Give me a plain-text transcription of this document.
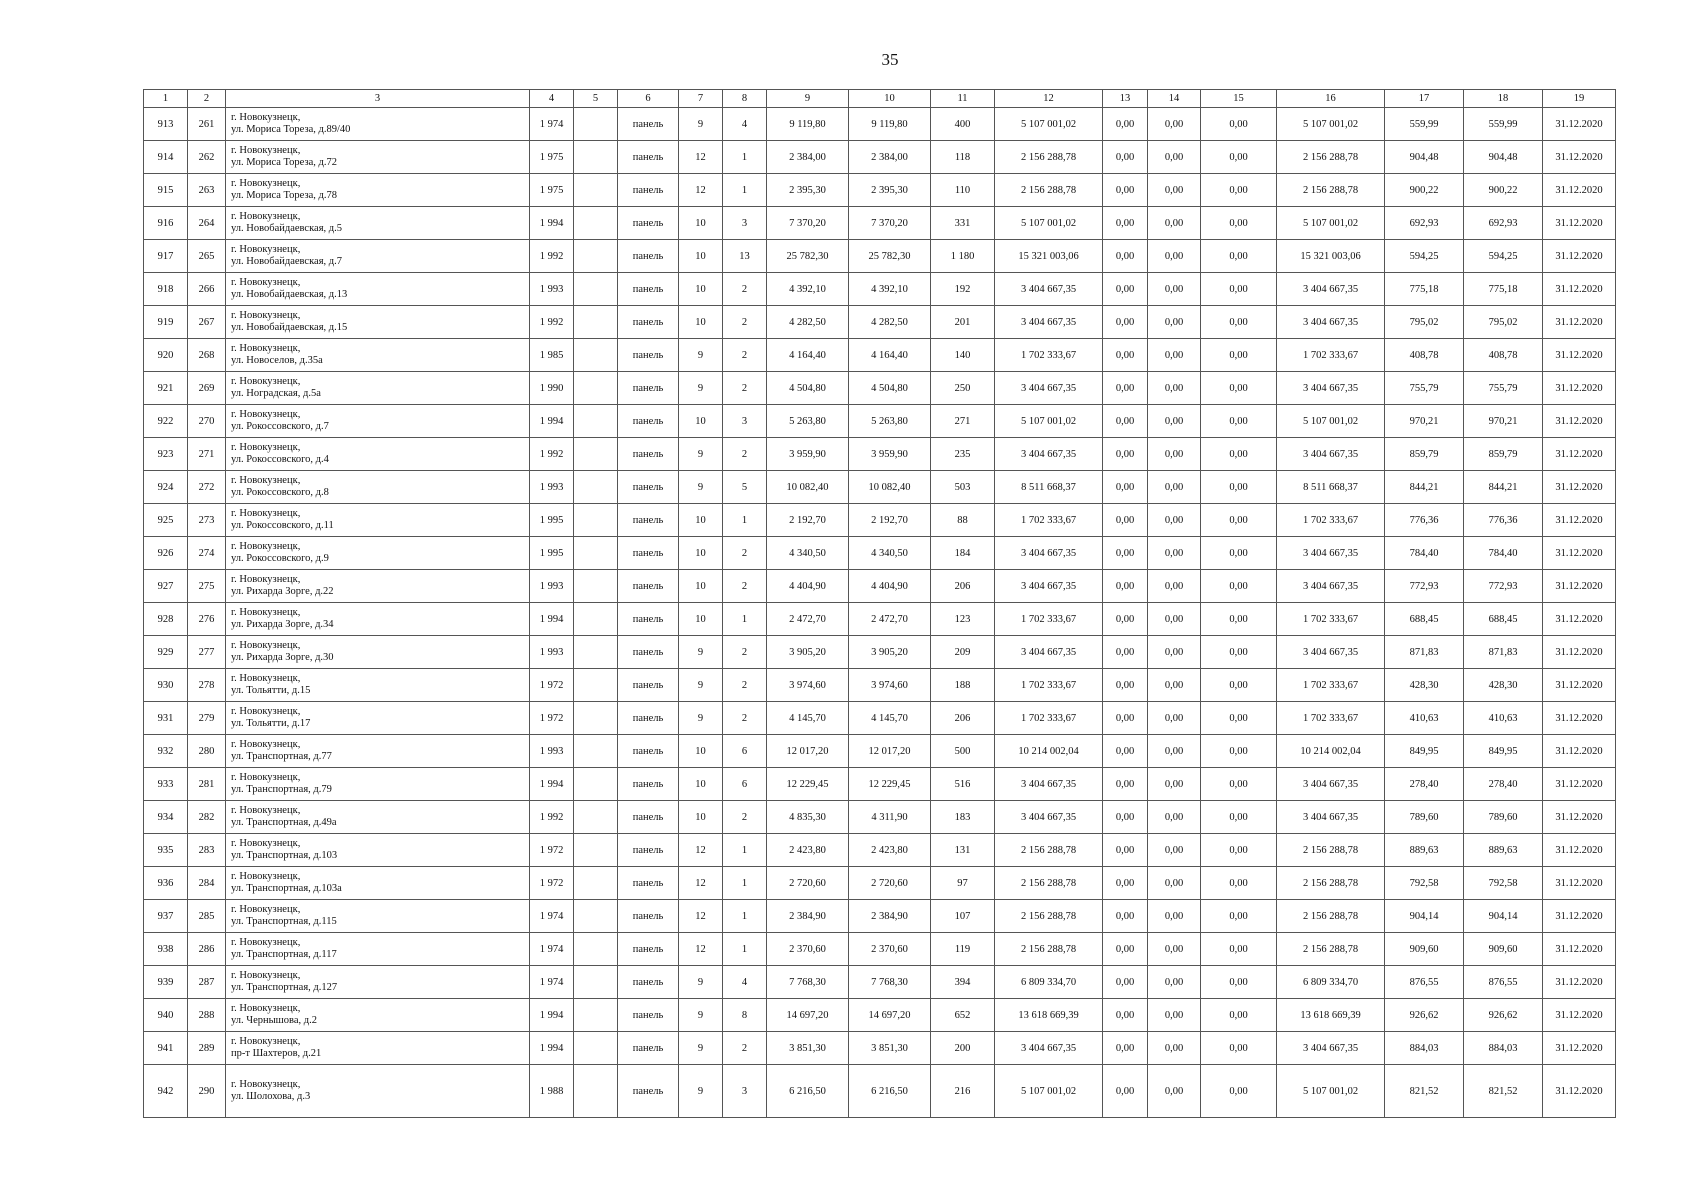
35
1	2	3	4	5	6	7	8	9	10	11	12	13	14	15	16	17	18	19
913	261	г. Новокузнецк,
ул. Мориса Тореза, д.89/40	1 974		панель	9	4	9 119,80	9 119,80	400	5 107 001,02	0,00	0,00	0,00	5 107 001,02	559,99	559,99	31.12.2020
914	262	г. Новокузнецк,
ул. Мориса Тореза, д.72	1 975		панель	12	1	2 384,00	2 384,00	118	2 156 288,78	0,00	0,00	0,00	2 156 288,78	904,48	904,48	31.12.2020
915	263	г. Новокузнецк,
ул. Мориса Тореза, д.78	1 975		панель	12	1	2 395,30	2 395,30	110	2 156 288,78	0,00	0,00	0,00	2 156 288,78	900,22	900,22	31.12.2020
916	264	г. Новокузнецк,
ул. Новобайдаевская, д.5	1 994		панель	10	3	7 370,20	7 370,20	331	5 107 001,02	0,00	0,00	0,00	5 107 001,02	692,93	692,93	31.12.2020
917	265	г. Новокузнецк,
ул. Новобайдаевская, д.7	1 992		панель	10	13	25 782,30	25 782,30	1 180	15 321 003,06	0,00	0,00	0,00	15 321 003,06	594,25	594,25	31.12.2020
918	266	г. Новокузнецк,
ул. Новобайдаевская, д.13	1 993		панель	10	2	4 392,10	4 392,10	192	3 404 667,35	0,00	0,00	0,00	3 404 667,35	775,18	775,18	31.12.2020
919	267	г. Новокузнецк,
ул. Новобайдаевская, д.15	1 992		панель	10	2	4 282,50	4 282,50	201	3 404 667,35	0,00	0,00	0,00	3 404 667,35	795,02	795,02	31.12.2020
920	268	г. Новокузнецк,
ул. Новоселов, д.35а	1 985		панель	9	2	4 164,40	4 164,40	140	1 702 333,67	0,00	0,00	0,00	1 702 333,67	408,78	408,78	31.12.2020
921	269	г. Новокузнецк,
ул. Ноградская, д.5а	1 990		панель	9	2	4 504,80	4 504,80	250	3 404 667,35	0,00	0,00	0,00	3 404 667,35	755,79	755,79	31.12.2020
922	270	г. Новокузнецк,
ул. Рокоссовского, д.7	1 994		панель	10	3	5 263,80	5 263,80	271	5 107 001,02	0,00	0,00	0,00	5 107 001,02	970,21	970,21	31.12.2020
923	271	г. Новокузнецк,
ул. Рокоссовского, д.4	1 992		панель	9	2	3 959,90	3 959,90	235	3 404 667,35	0,00	0,00	0,00	3 404 667,35	859,79	859,79	31.12.2020
924	272	г. Новокузнецк,
ул. Рокоссовского, д.8	1 993		панель	9	5	10 082,40	10 082,40	503	8 511 668,37	0,00	0,00	0,00	8 511 668,37	844,21	844,21	31.12.2020
925	273	г. Новокузнецк,
ул. Рокоссовского, д.11	1 995		панель	10	1	2 192,70	2 192,70	88	1 702 333,67	0,00	0,00	0,00	1 702 333,67	776,36	776,36	31.12.2020
926	274	г. Новокузнецк,
ул. Рокоссовского, д.9	1 995		панель	10	2	4 340,50	4 340,50	184	3 404 667,35	0,00	0,00	0,00	3 404 667,35	784,40	784,40	31.12.2020
927	275	г. Новокузнецк,
ул. Рихарда Зорге, д.22	1 993		панель	10	2	4 404,90	4 404,90	206	3 404 667,35	0,00	0,00	0,00	3 404 667,35	772,93	772,93	31.12.2020
928	276	г. Новокузнецк,
ул. Рихарда Зорге, д.34	1 994		панель	10	1	2 472,70	2 472,70	123	1 702 333,67	0,00	0,00	0,00	1 702 333,67	688,45	688,45	31.12.2020
929	277	г. Новокузнецк,
ул. Рихарда Зорге, д.30	1 993		панель	9	2	3 905,20	3 905,20	209	3 404 667,35	0,00	0,00	0,00	3 404 667,35	871,83	871,83	31.12.2020
930	278	г. Новокузнецк,
ул. Тольятти, д.15	1 972		панель	9	2	3 974,60	3 974,60	188	1 702 333,67	0,00	0,00	0,00	1 702 333,67	428,30	428,30	31.12.2020
931	279	г. Новокузнецк,
ул. Тольятти, д.17	1 972		панель	9	2	4 145,70	4 145,70	206	1 702 333,67	0,00	0,00	0,00	1 702 333,67	410,63	410,63	31.12.2020
932	280	г. Новокузнецк,
ул. Транспортная, д.77	1 993		панель	10	6	12 017,20	12 017,20	500	10 214 002,04	0,00	0,00	0,00	10 214 002,04	849,95	849,95	31.12.2020
933	281	г. Новокузнецк,
ул. Транспортная, д.79	1 994		панель	10	6	12 229,45	12 229,45	516	3 404 667,35	0,00	0,00	0,00	3 404 667,35	278,40	278,40	31.12.2020
934	282	г. Новокузнецк,
ул. Транспортная, д.49а	1 992		панель	10	2	4 835,30	4 311,90	183	3 404 667,35	0,00	0,00	0,00	3 404 667,35	789,60	789,60	31.12.2020
935	283	г. Новокузнецк,
ул. Транспортная, д.103	1 972		панель	12	1	2 423,80	2 423,80	131	2 156 288,78	0,00	0,00	0,00	2 156 288,78	889,63	889,63	31.12.2020
936	284	г. Новокузнецк,
ул. Транспортная, д.103а	1 972		панель	12	1	2 720,60	2 720,60	97	2 156 288,78	0,00	0,00	0,00	2 156 288,78	792,58	792,58	31.12.2020
937	285	г. Новокузнецк,
ул. Транспортная, д.115	1 974		панель	12	1	2 384,90	2 384,90	107	2 156 288,78	0,00	0,00	0,00	2 156 288,78	904,14	904,14	31.12.2020
938	286	г. Новокузнецк,
ул. Транспортная, д.117	1 974		панель	12	1	2 370,60	2 370,60	119	2 156 288,78	0,00	0,00	0,00	2 156 288,78	909,60	909,60	31.12.2020
939	287	г. Новокузнецк,
ул. Транспортная, д.127	1 974		панель	9	4	7 768,30	7 768,30	394	6 809 334,70	0,00	0,00	0,00	6 809 334,70	876,55	876,55	31.12.2020
940	288	г. Новокузнецк,
ул. Чернышова, д.2	1 994		панель	9	8	14 697,20	14 697,20	652	13 618 669,39	0,00	0,00	0,00	13 618 669,39	926,62	926,62	31.12.2020
941	289	г. Новокузнецк,
пр-т Шахтеров, д.21	1 994		панель	9	2	3 851,30	3 851,30	200	3 404 667,35	0,00	0,00	0,00	3 404 667,35	884,03	884,03	31.12.2020
942	290	г. Новокузнецк,
ул. Шолохова, д.3	1 988		панель	9	3	6 216,50	6 216,50	216	5 107 001,02	0,00	0,00	0,00	5 107 001,02	821,52	821,52	31.12.2020
